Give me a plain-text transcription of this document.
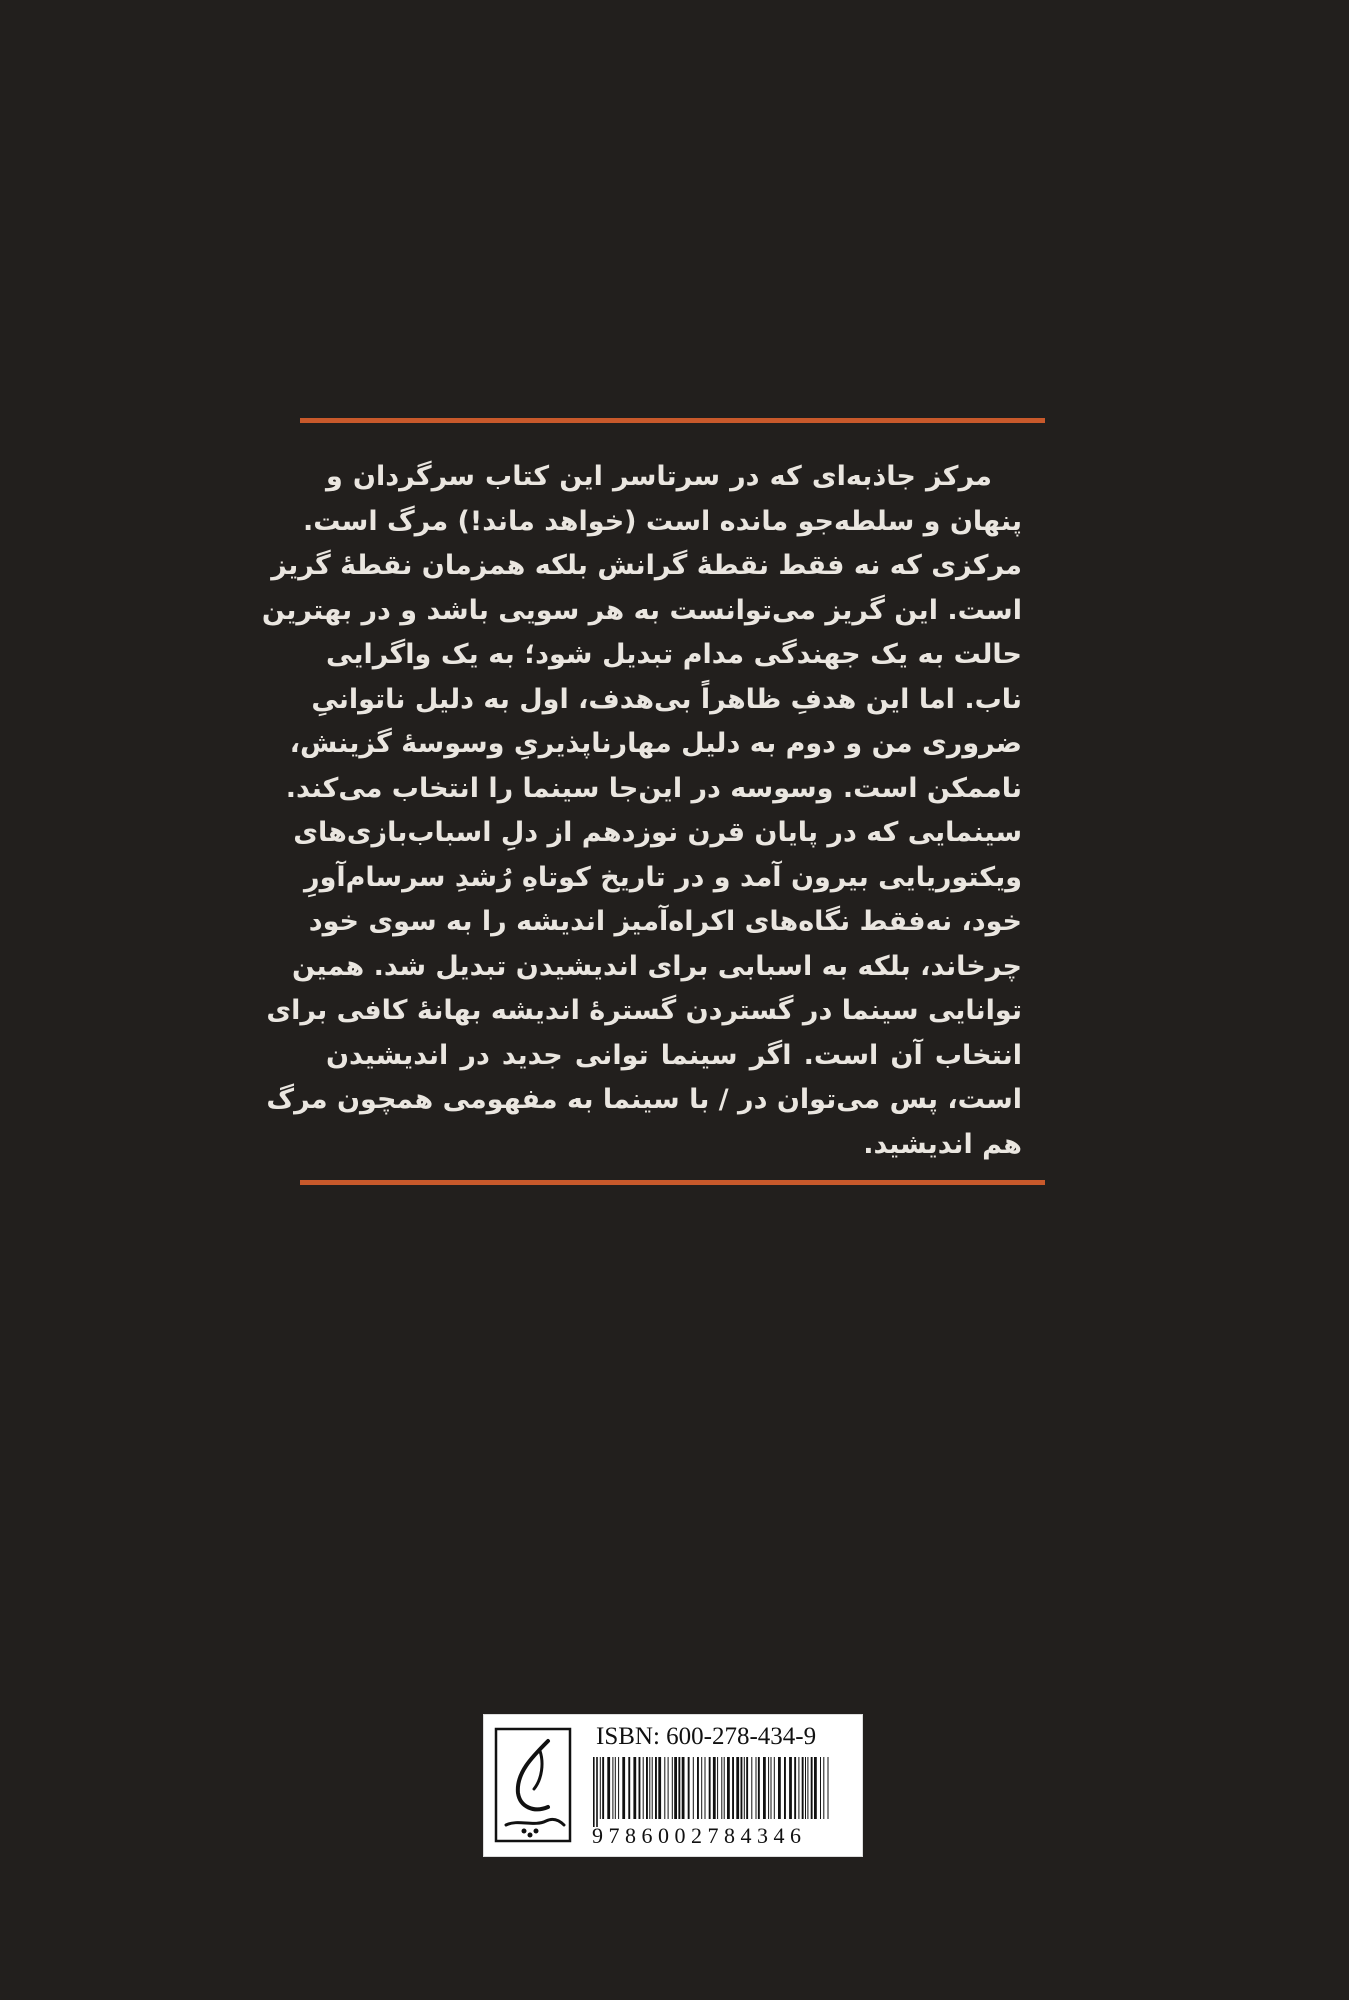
مرکز جاذبه‌ای که در سرتاسر این کتاب سرگردان و
پنهان و سلطه‌جو مانده است (خواهد ماند!) مرگ است.
مرکزی که نه فقط نقطهٔ گرانش بلکه همزمان نقطهٔ گریز
است. این گریز می‌توانست به هر سویی باشد و در بهترین
حالت به یک جهندگی مدام تبدیل شود؛ به یک واگرایی
ناب. اما این هدفِ ظاهراً بی‌هدف، اول به دلیل ناتوانیِ
ضروری من و دوم به دلیل مهارناپذیریِ وسوسهٔ گزینش،
ناممکن است. وسوسه در این‌جا سینما را انتخاب می‌کند.
سینمایی که در پایان قرن نوزدهم از دلِ اسباب‌بازی‌های
ویکتوریایی بیرون آمد و در تاریخ کوتاهِ رُشدِ سرسام‌آورِ
خود، نه‌فقط نگاه‌های اکراه‌آمیز اندیشه را به سوی خود
چرخاند، بلکه به اسبابی برای اندیشیدن تبدیل شد. همین
توانایی سینما در گستردن گسترهٔ اندیشه بهانهٔ کافی برای
انتخاب آن است. اگر سینما توانی جدید در اندیشیدن
است، پس می‌توان در / با سینما به مفهومی همچون مرگ
هم اندیشید.
ISBN: 600-278-434-9
9786002784346
